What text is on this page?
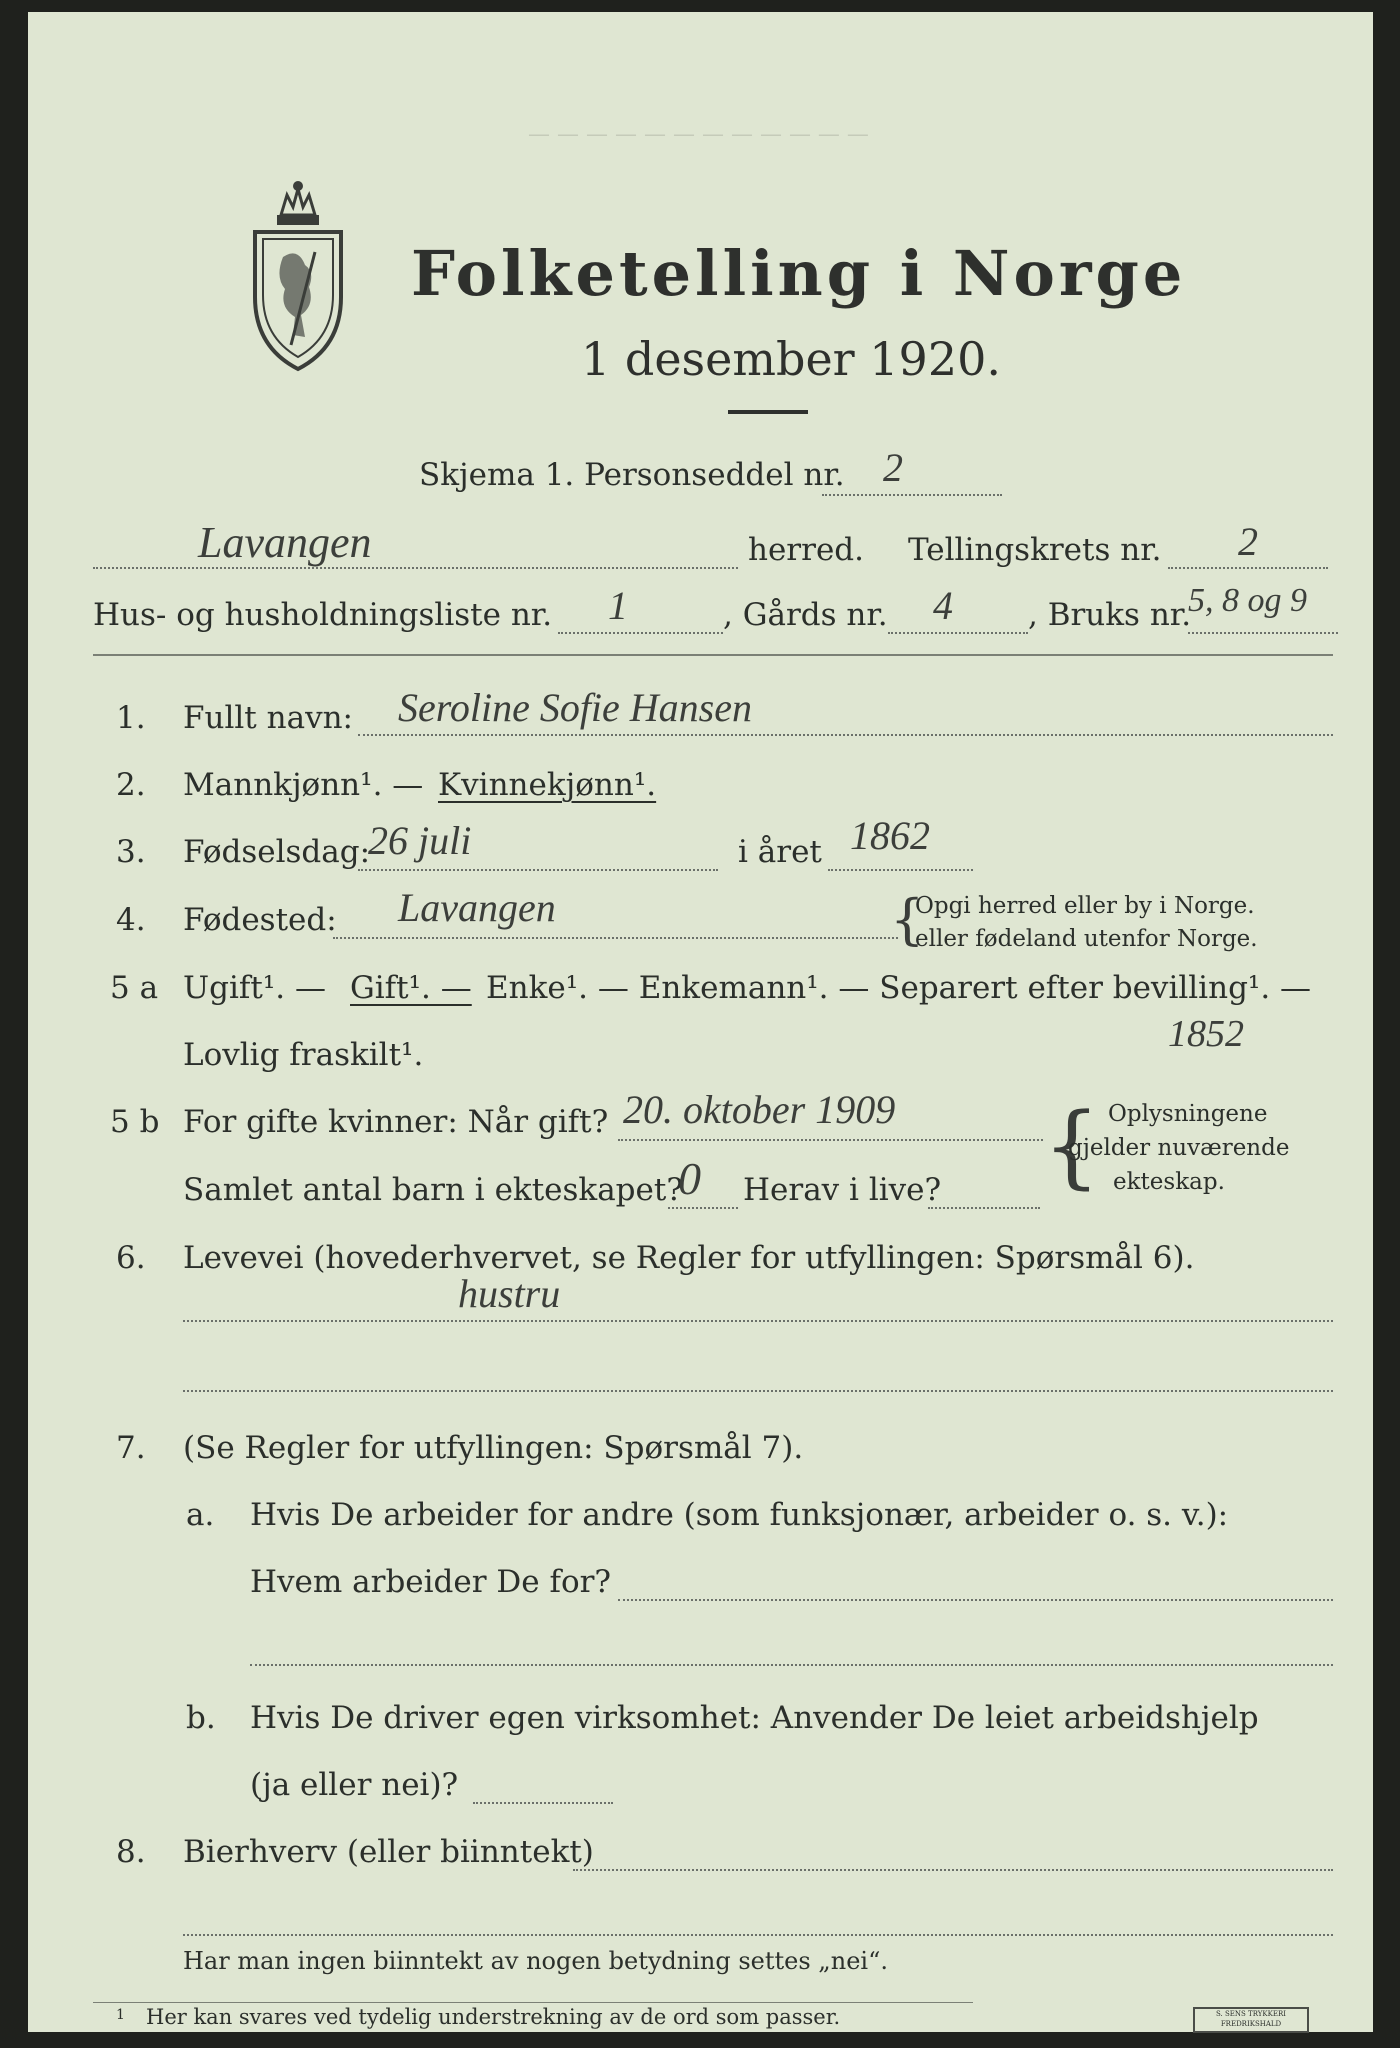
Folketelling i Norge
1 desember 1920.
— — — — — — — — — — — —
Skjema 1. Personseddel nr. 2
Lavangen	herred. Tellingskrets nr. 2
Hus- og husholdningsliste nr. 1	, Gårds nr. 4 , Bruks nr.
5, 8 og 9
1. Fullt navn: Seroline Sofie Hansen
2. Mannkjønn¹. — Kvinnekjønn¹.
3. Fødselsdag:
26 juli	i året 1862
4. Fødested: Lavangen	{
Opgi herred eller by i Norge.
eller fødeland utenfor Norge.
5 a Ugift¹. — Gift¹. — Enke¹. — Enkemann¹. — Separert efter bevilling¹. —
Lovlig fraskilt¹.	1852
5 b For gifte kvinner: Når gift? 20. oktober 1909
Samlet antal barn i ekteskapet?
0 Herav i live? { Oplysningene
gjelder nuværende
ekteskap.
6. Levevei (hovederhvervet, se Regler for utfyllingen: Spørsmål 6).
hustru
7. (Se Regler for utfyllingen: Spørsmål 7).
a. Hvis De arbeider for andre (som funksjonær, arbeider o. s. v.):
Hvem arbeider De for?
b. Hvis De driver egen virksomhet: Anvender De leiet arbeidshjelp
(ja eller nei)?
8. Bierhverv (eller biinntekt)
Har man ingen biinntekt av nogen betydning settes „nei“.
1 Her kan svares ved tydelig understrekning av de ord som passer.	S. SENS TRYKKERI FREDRIKSHALD
